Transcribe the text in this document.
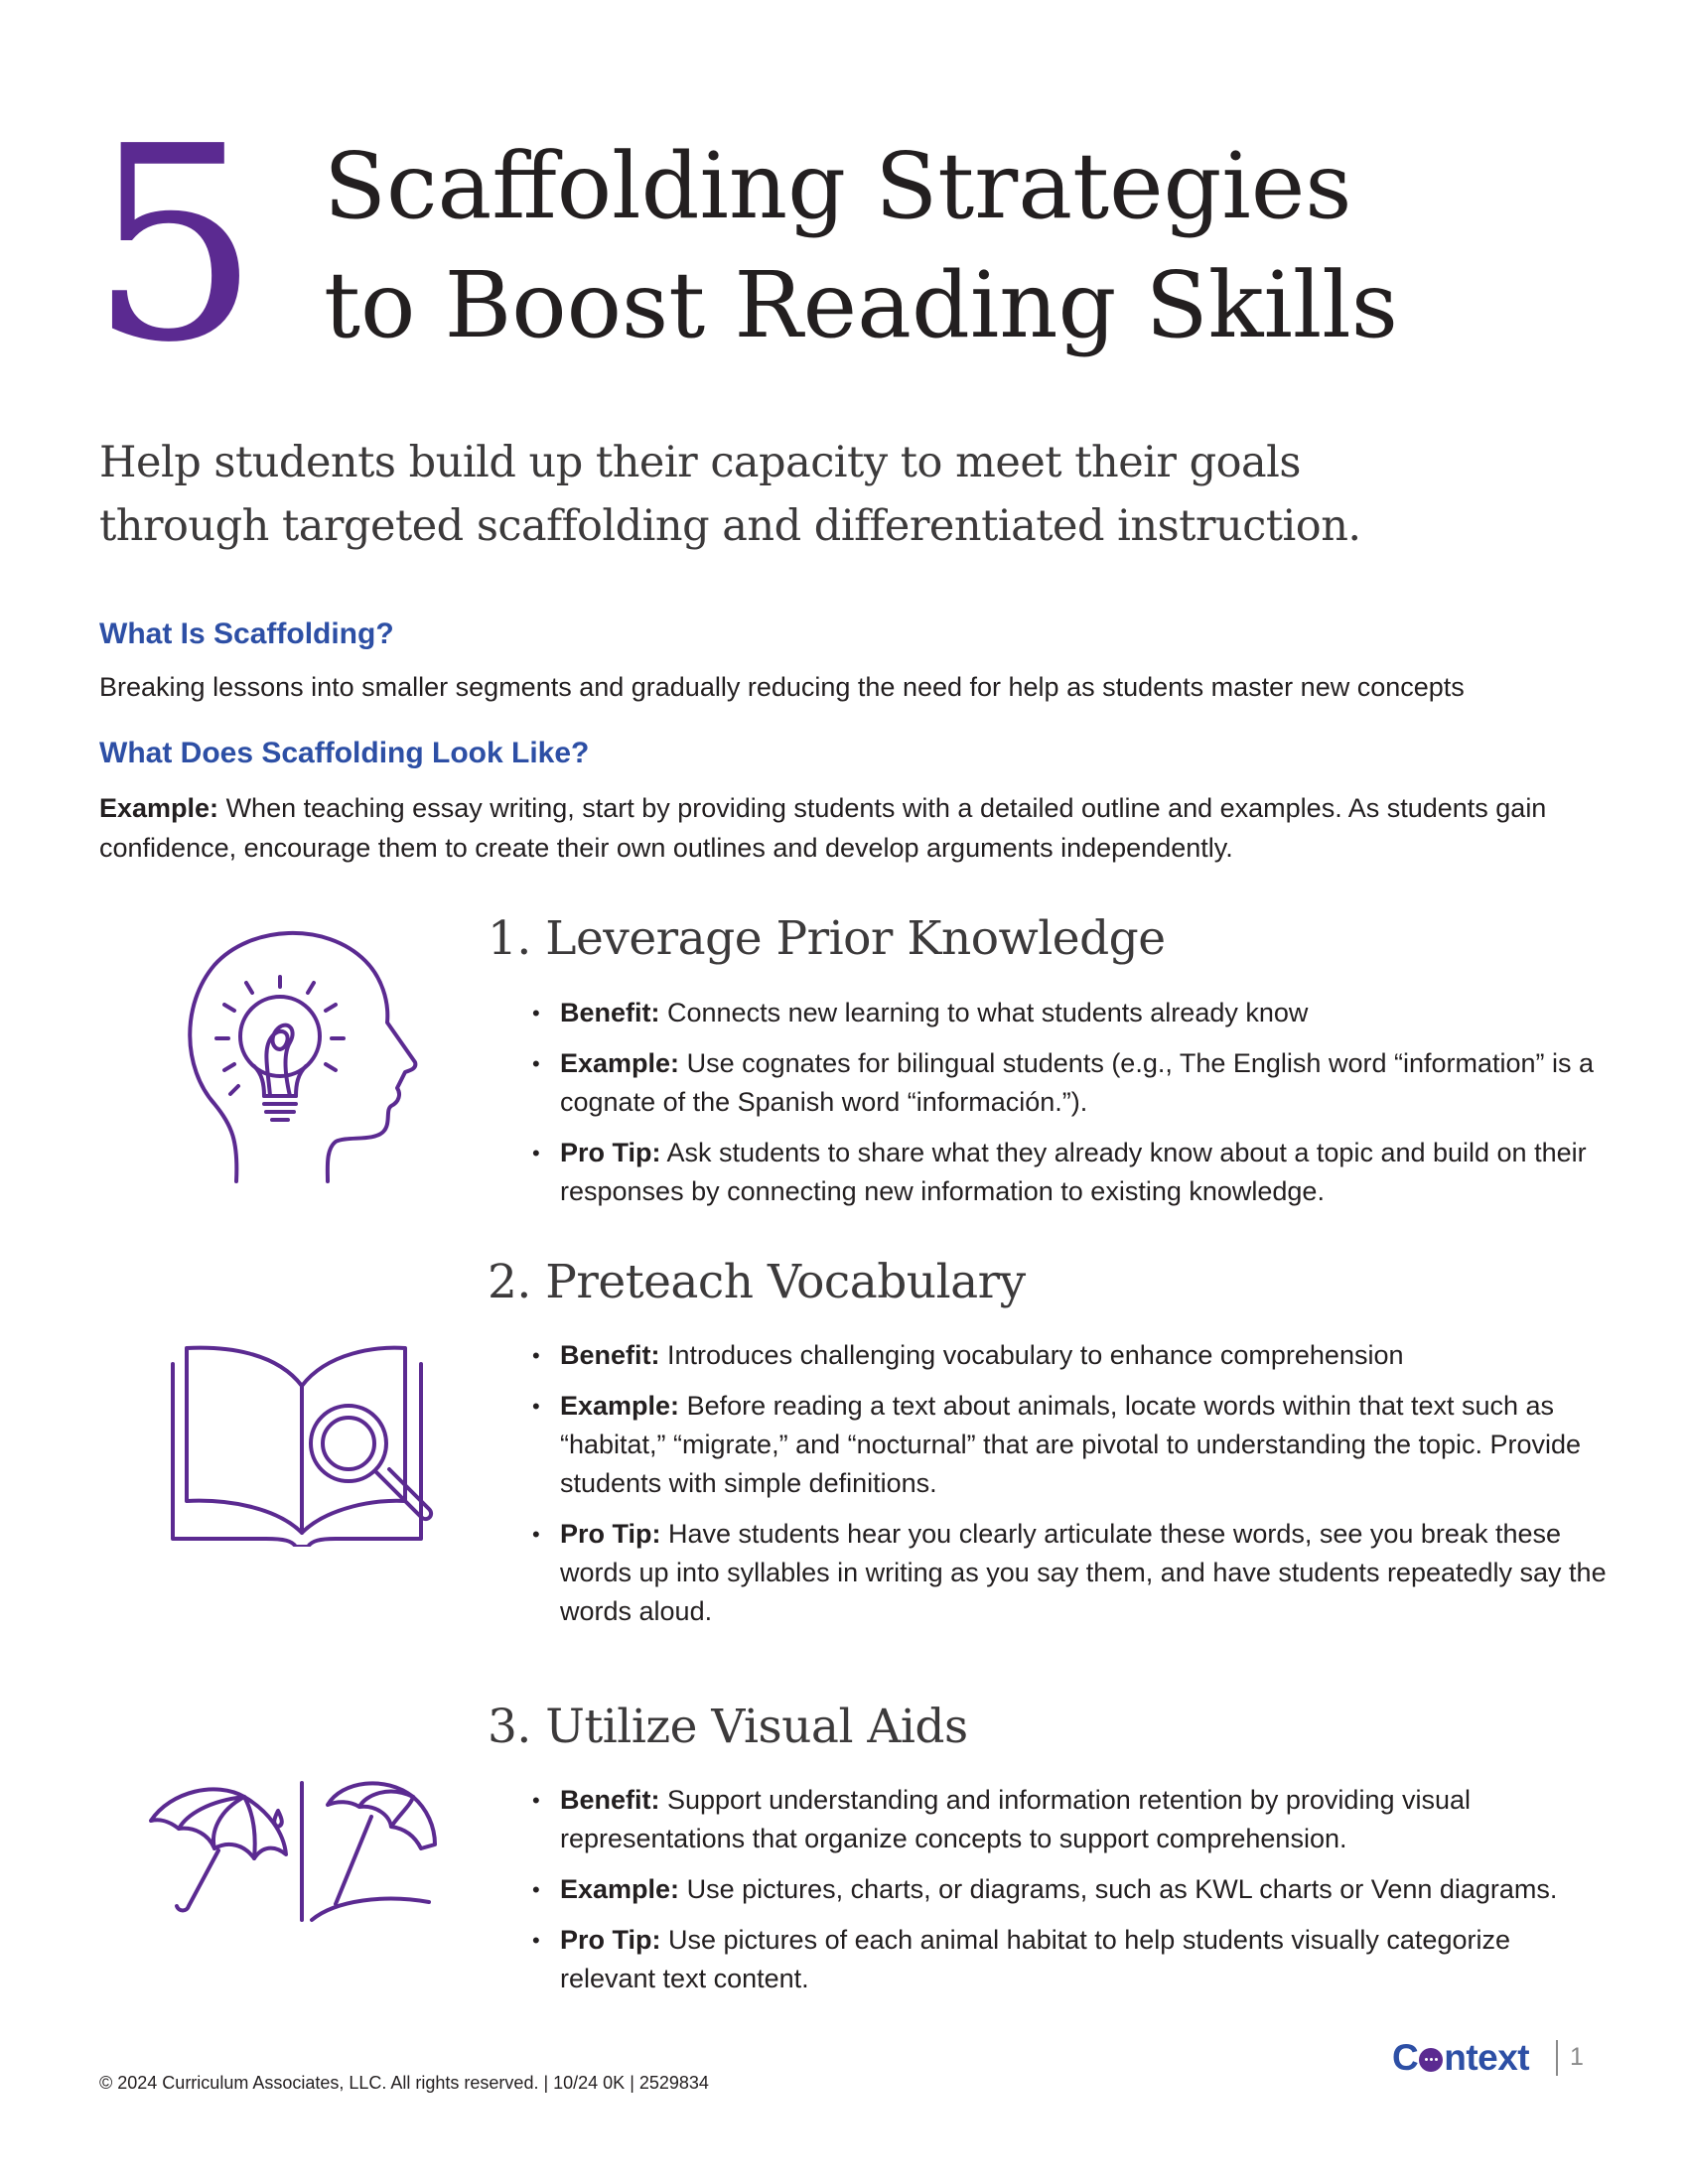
5 Scaffolding Strategies
to Boost Reading Skills

Help students build up their capacity to meet their goals
through targeted scaffolding and differentiated instruction.

What Is Scaffolding?

Breaking lessons into smaller segments and gradually reducing the need for help as students master new concepts

What Does Scaffolding Look Like?

Example: When teaching essay writing, start by providing students with a detailed outline and examples. As students gain confidence, encourage them to create their own outlines and develop arguments independently.

1. Leverage Prior Knowledge
• Benefit: Connects new learning to what students already know
• Example: Use cognates for bilingual students (e.g., The English word “information” is a cognate of the Spanish word “información.”).
• Pro Tip: Ask students to share what they already know about a topic and build on their responses by connecting new information to existing knowledge.
2. Preteach Vocabulary
• Benefit: Introduces challenging vocabulary to enhance comprehension
• Example: Before reading a text about animals, locate words within that text such as “habitat,” “migrate,” and “nocturnal” that are pivotal to understanding the topic. Provide students with simple definitions.
• Pro Tip: Have students hear you clearly articulate these words, see you break these words up into syllables in writing as you say them, and have students repeatedly say the words aloud.
3. Utilize Visual Aids
• Benefit: Support understanding and information retention by providing visual representations that organize concepts to support comprehension.
• Example: Use pictures, charts, or diagrams, such as KWL charts or Venn diagrams.
• Pro Tip: Use pictures of each animal habitat to help students visually categorize relevant text content.
© 2024 Curriculum Associates, LLC. All rights reserved. | 10/24 0K | 2529834
C ntext 1
